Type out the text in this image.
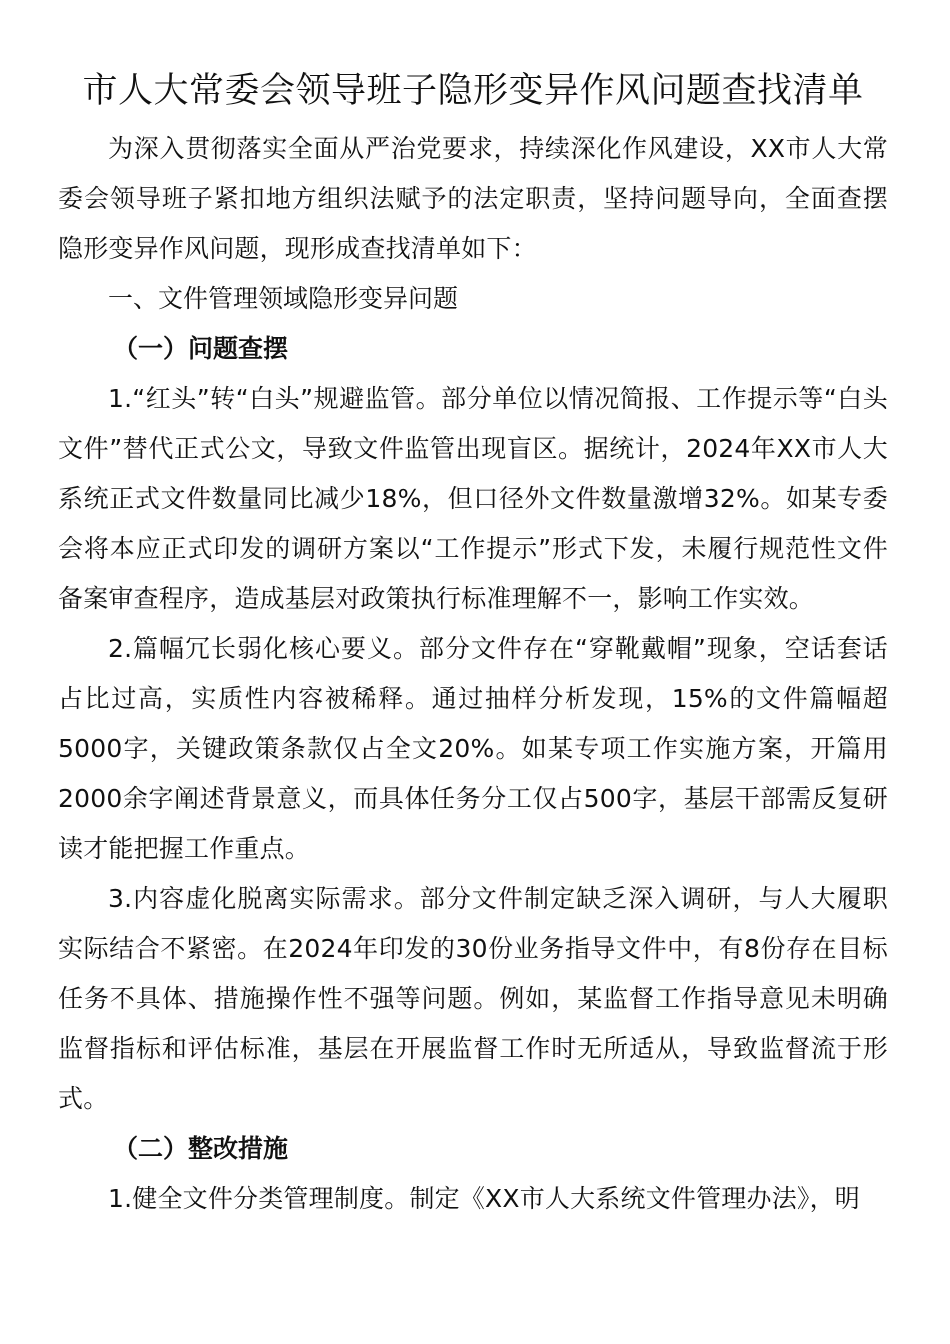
市人大常委会领导班子隐形变异作风问题查找清单

为深入贯彻落实全面从严治党要求，持续深化作风建设，XX市人大常委会领导班子紧扣地方组织法赋予的法定职责，坚持问题导向，全面查摆隐形变异作风问题，现形成查找清单如下：

一、文件管理领域隐形变异问题

（一）问题查摆

1.“红头”转“白头”规避监管。部分单位以情况简报、工作提示等“白头文件”替代正式公文，导致文件监管出现盲区。据统计，2024年XX市人大系统正式文件数量同比减少18%，但口径外文件数量激增32%。如某专委会将本应正式印发的调研方案以“工作提示”形式下发，未履行规范性文件备案审查程序，造成基层对政策执行标准理解不一，影响工作实效。

2.篇幅冗长弱化核心要义。部分文件存在“穿靴戴帽”现象，空话套话占比过高，实质性内容被稀释。通过抽样分析发现，15%的文件篇幅超5000字，关键政策条款仅占全文20%。如某专项工作实施方案，开篇用2000余字阐述背景意义，而具体任务分工仅占500字，基层干部需反复研读才能把握工作重点。

3.内容虚化脱离实际需求。部分文件制定缺乏深入调研，与人大履职实际结合不紧密。在2024年印发的30份业务指导文件中，有8份存在目标任务不具体、措施操作性不强等问题。例如，某监督工作指导意见未明确监督指标和评估标准，基层在开展监督工作时无所适从，导致监督流于形式。

（二）整改措施

1.健全文件分类管理制度。制定《XX市人大系统文件管理办法》，明
